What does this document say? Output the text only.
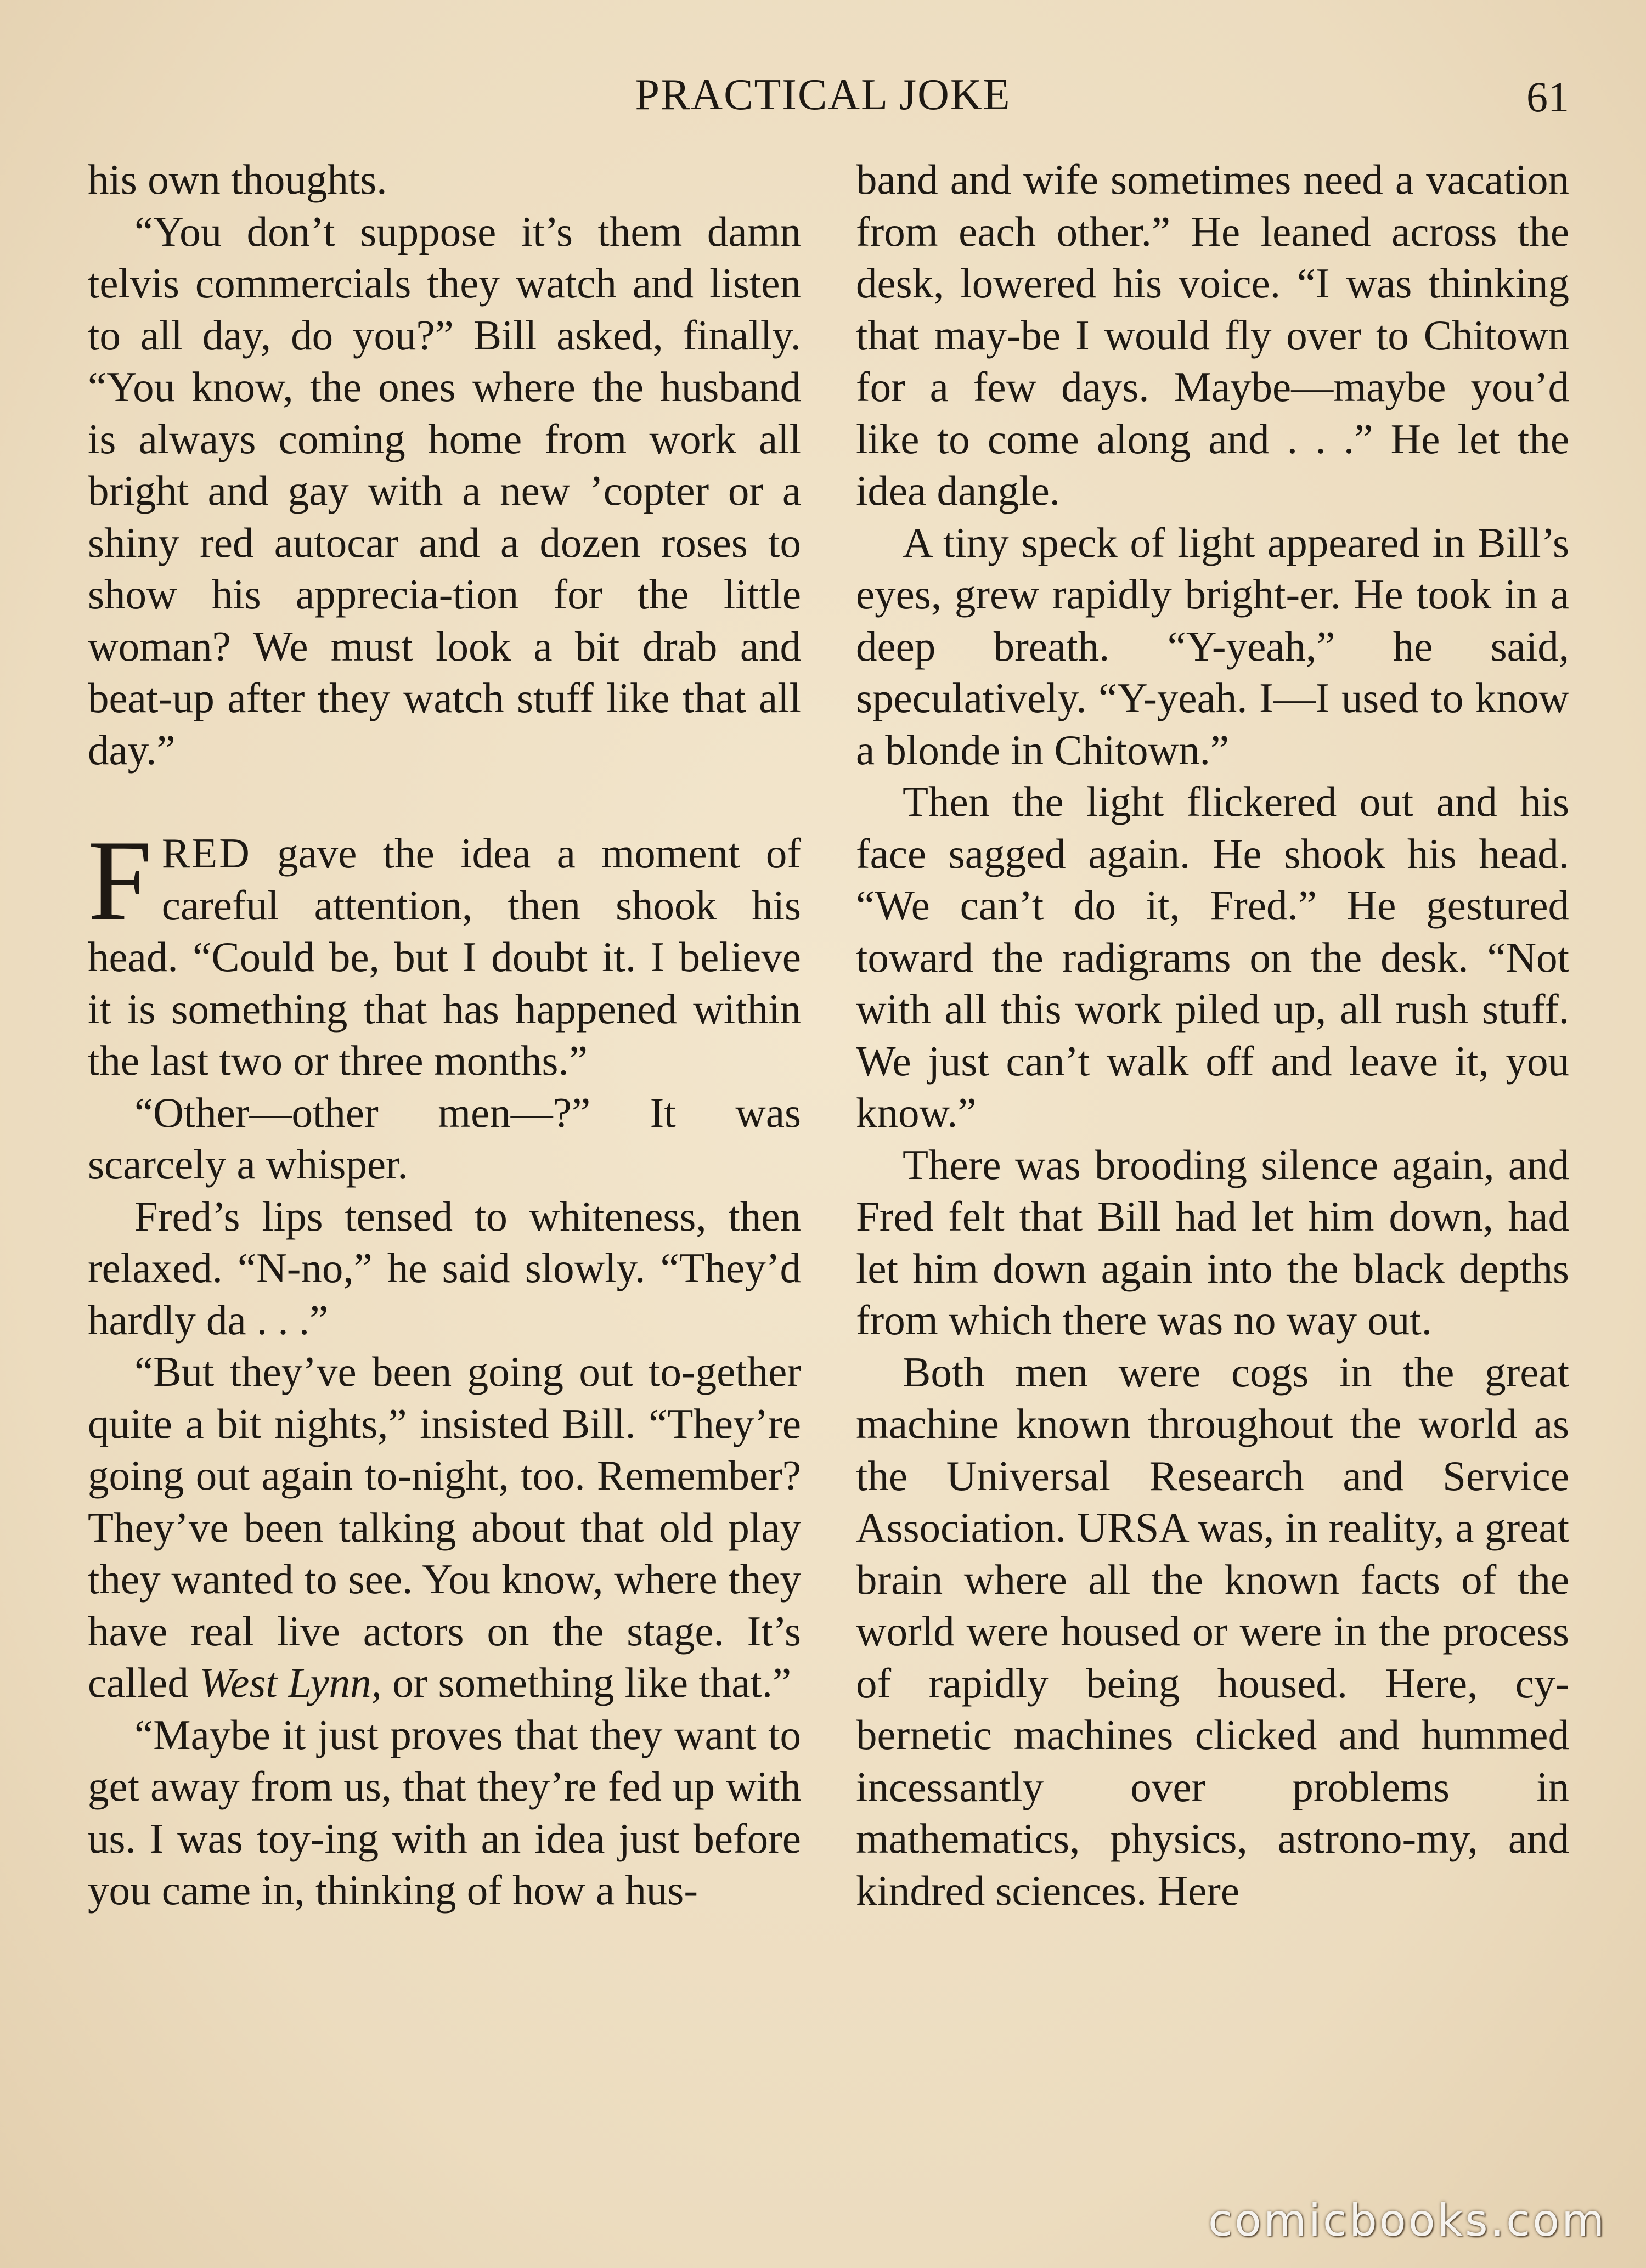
PRACTICAL JOKE	61

his own thoughts.

“You don’t suppose it’s them damn telvis commercials they watch and listen to all day, do you?” Bill asked, finally. “You know, the ones where the husband is always coming home from work all bright and gay with a new ’copter or a shiny red autocar and a dozen roses to show his apprecia-tion for the little woman? We must look a bit drab and beat-up after they watch stuff like that all day.”

FRED gave the idea a moment of careful attention, then shook his head. “Could be, but I doubt it. I believe it is something that has happened within the last two or three months.”

“Other—other men—?” It was scarcely a whisper.

Fred’s lips tensed to whiteness, then relaxed. “N-no,” he said slowly. “They’d hardly da . . .”

“But they’ve been going out to-gether quite a bit nights,” insisted Bill. “They’re going out again to-night, too. Remember? They’ve been talking about that old play they wanted to see. You know, where they have real live actors on the stage. It’s called West Lynn, or something like that.”

“Maybe it just proves that they want to get away from us, that they’re fed up with us. I was toy-ing with an idea just before you came in, thinking of how a hus-

band and wife sometimes need a vacation from each other.” He leaned across the desk, lowered his voice. “I was thinking that may-be I would fly over to Chitown for a few days. Maybe—maybe you’d like to come along and . . .” He let the idea dangle.

A tiny speck of light appeared in Bill’s eyes, grew rapidly bright-er. He took in a deep breath. “Y-yeah,” he said, speculatively. “Y-yeah. I—I used to know a blonde in Chitown.”

Then the light flickered out and his face sagged again. He shook his head. “We can’t do it, Fred.” He gestured toward the radigrams on the desk. “Not with all this work piled up, all rush stuff. We just can’t walk off and leave it, you know.”

There was brooding silence again, and Fred felt that Bill had let him down, had let him down again into the black depths from which there was no way out.

Both men were cogs in the great machine known throughout the world as the Universal Research and Service Association. URSA was, in reality, a great brain where all the known facts of the world were housed or were in the process of rapidly being housed. Here, cy-bernetic machines clicked and hummed incessantly over problems in mathematics, physics, astrono-my, and kindred sciences. Here

comicbooks.com
